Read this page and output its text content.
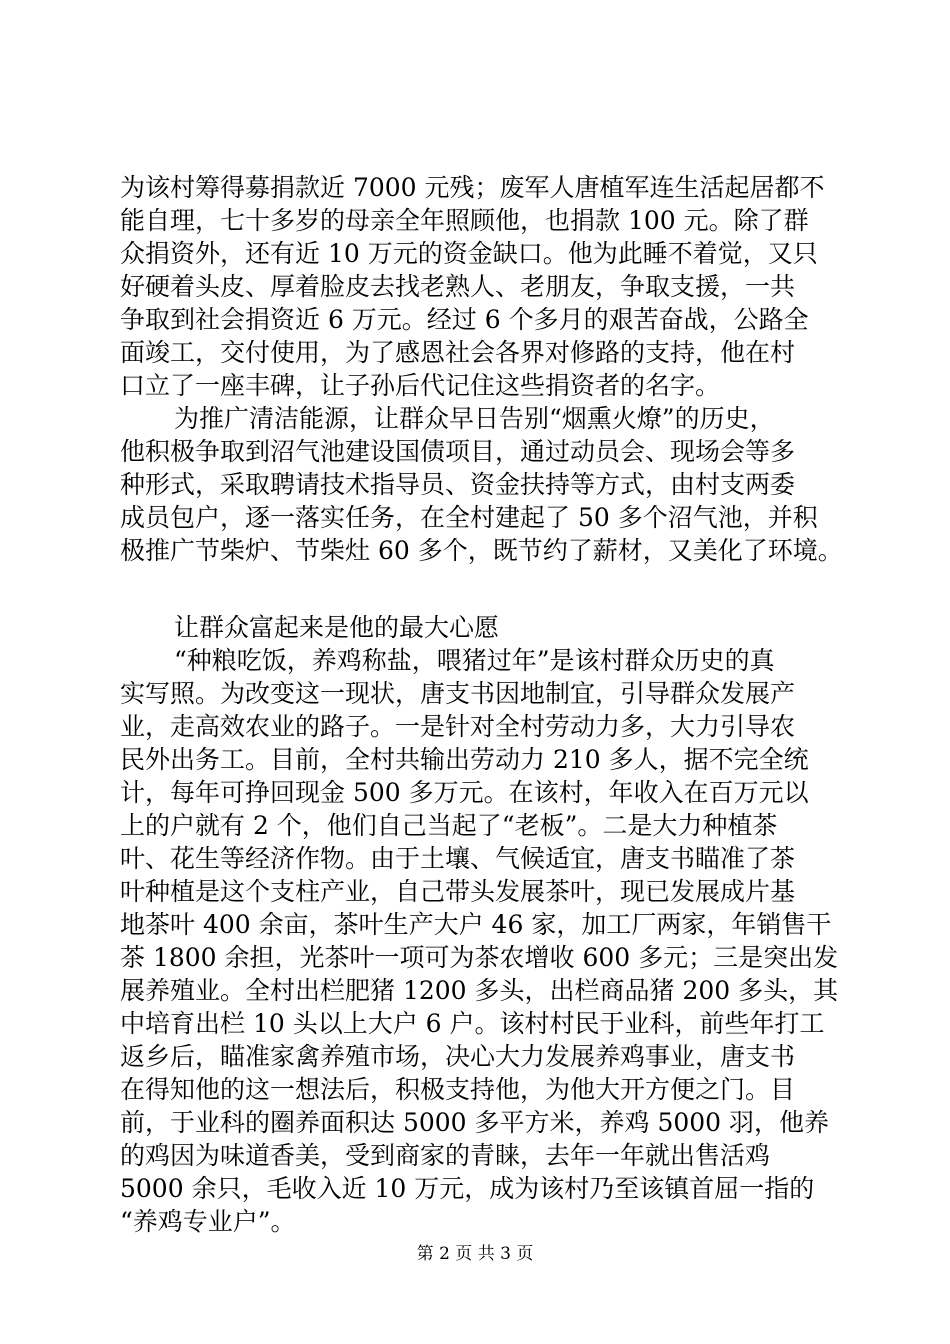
为该村筹得募捐款近 7000 元残；废军人唐植军连生活起居都不
能自理，七十多岁的母亲全年照顾他，也捐款 100 元。除了群
众捐资外，还有近 10 万元的资金缺口。他为此睡不着觉，又只
好硬着头皮、厚着脸皮去找老熟人、老朋友，争取支援，一共
争取到社会捐资近 6 万元。经过 6 个多月的艰苦奋战，公路全
面竣工，交付使用，为了感恩社会各界对修路的支持，他在村
口立了一座丰碑，让子孙后代记住这些捐资者的名字。
为推广清洁能源，让群众早日告别“烟熏火燎”的历史，
他积极争取到沼气池建设国债项目，通过动员会、现场会等多
种形式，采取聘请技术指导员、资金扶持等方式，由村支两委
成员包户，逐一落实任务，在全村建起了 50 多个沼气池，并积
极推广节柴炉、节柴灶 60 多个，既节约了薪材，又美化了环境。
让群众富起来是他的最大心愿
“种粮吃饭，养鸡称盐，喂猪过年”是该村群众历史的真
实写照。为改变这一现状，唐支书因地制宜，引导群众发展产
业，走高效农业的路子。一是针对全村劳动力多，大力引导农
民外出务工。目前，全村共输出劳动力 210 多人，据不完全统
计，每年可挣回现金 500 多万元。在该村，年收入在百万元以
上的户就有 2 个，他们自己当起了“老板”。二是大力种植茶
叶、花生等经济作物。由于土壤、气候适宜，唐支书瞄准了茶
叶种植是这个支柱产业，自己带头发展茶叶，现已发展成片基
地茶叶 400 余亩，茶叶生产大户 46 家，加工厂两家，年销售干
茶 1800 余担，光茶叶一项可为茶农增收 600 多元；三是突出发
展养殖业。全村出栏肥猪 1200 多头，出栏商品猪 200 多头，其
中培育出栏 10 头以上大户 6 户。该村村民于业科，前些年打工
返乡后，瞄准家禽养殖市场，决心大力发展养鸡事业，唐支书
在得知他的这一想法后，积极支持他，为他大开方便之门。目
前，于业科的圈养面积达 5000 多平方米，养鸡 5000 羽，他养
的鸡因为味道香美，受到商家的青睐，去年一年就出售活鸡
5000 余只，毛收入近 10 万元，成为该村乃至该镇首屈一指的
“养鸡专业户”。
第 2 页 共 3 页
